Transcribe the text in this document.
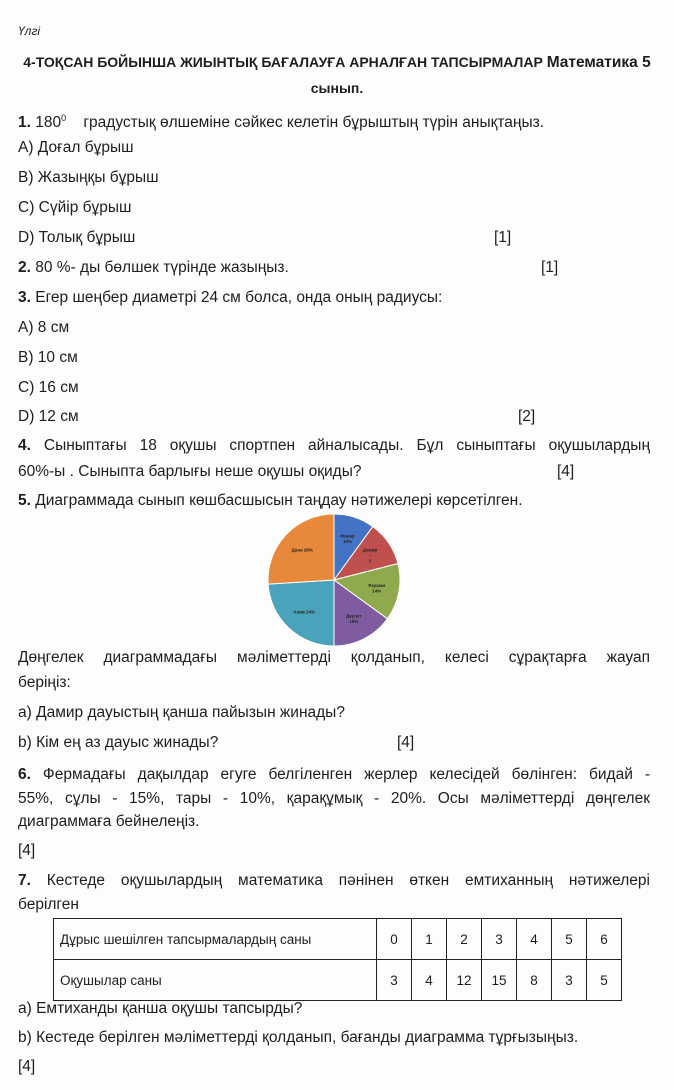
Үлгі
4-ТОҚСАН БОЙЫНША ЖИЫНТЫҚ БАҒАЛАУҒА АРНАЛҒАН ТАПСЫРМАЛАР Математика 5
сынып.
1. $180^0$ градустық өлшеміне сәйкес келетін бұрыштың түрін анықтаңыз.
A) Доғал бұрыш
B) Жазыңқы бұрыш
C) Сүйір бұрыш
D) Толық бұрыш	[1]
2. 80 %- ды бөлшек түрінде жазыңыз.	[1]
3. Егер шеңбер диаметрі 24 см болса, онда оның радиусы:
A) 8 см
B) 10 см
C) 16 см
D) 12 см	[2]
4. Сыныптағы 18 оқушы спортпен айналысады. Бұл сыныптағы оқушылардың
60%-ы . Сыныпта барлығы неше оқушы оқиды?	[4]
5. Диаграммада сынып көшбасшысын таңдау нәтижелері көрсетілген.
Жанар 10%
Дамир -?
Раушан 14%
Дәулет 15%
Алия 24%
Дана 26%
Дөңгелек диаграммадағы мәліметтерді қолданып, келесі сұрақтарға жауап
беріңіз:
a) Дамир дауыстың қанша пайызын жинады?
b) Кім ең аз дауыс жинады?	[4]
6. Фермадағы дақылдар егуге белгіленген жерлер келесідей бөлінген: бидай -
55%, сұлы - 15%, тары - 10%, қарақұмық - 20%. Осы мәліметтерді дөңгелек
диаграммаға бейнелеңіз.
[4]
7. Кестеде оқушылардың математика пәнінен өткен емтиханның нәтижелері
берілген
Дұрыс шешілген тапсырмалардың саны	0	1	2	3	4	5	6
Оқушылар саны	3	4	12	15	8	3	5
a) Емтиханды қанша оқушы тапсырды?
b) Кестеде берілген мәліметтерді қолданып, бағанды диаграмма тұрғызыңыз.
[4]
